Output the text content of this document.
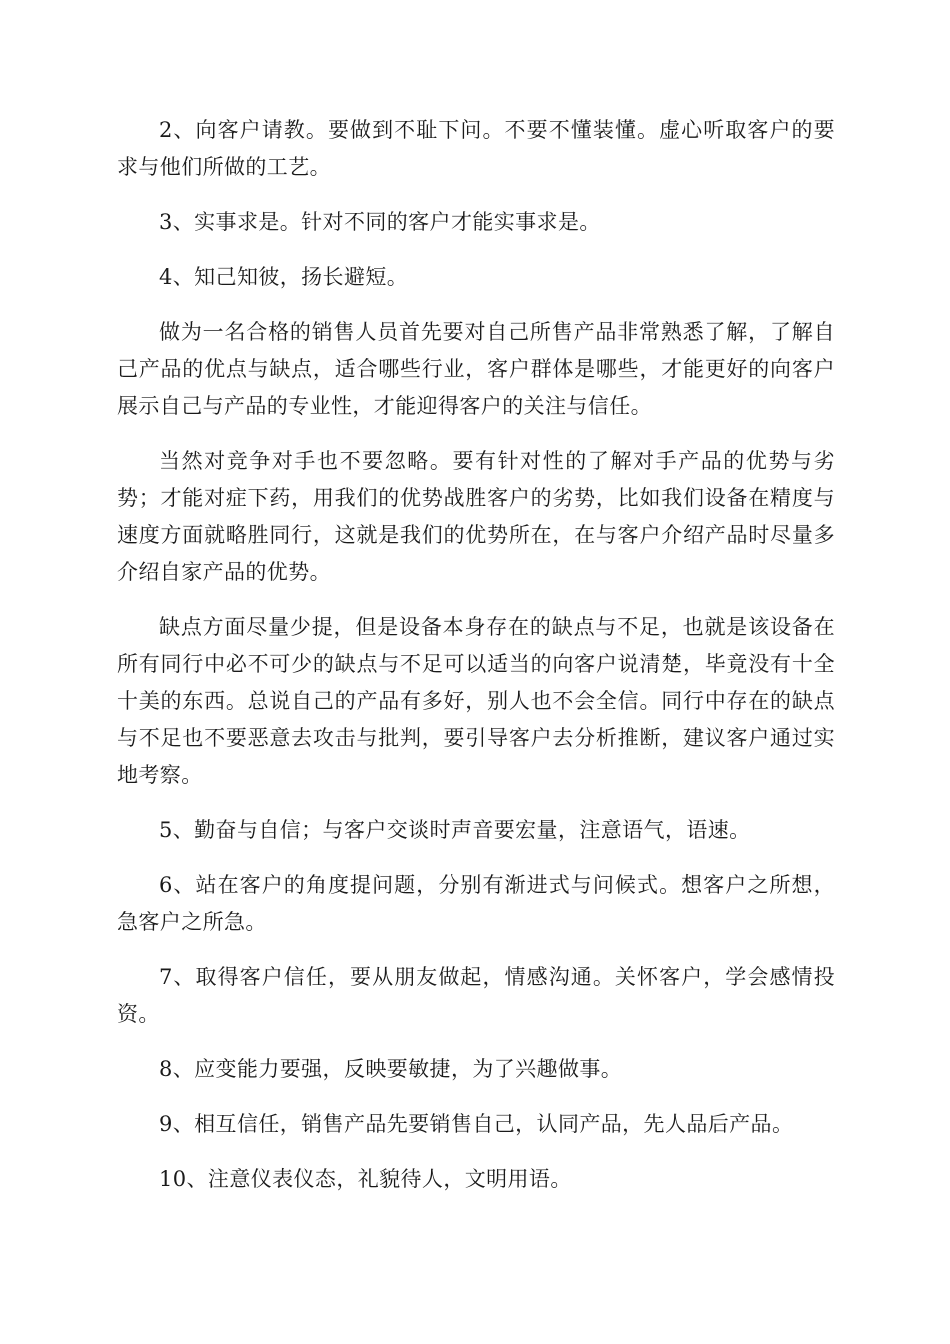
2、向客户请教。要做到不耻下问。不要不懂装懂。虚心听取客户的要求与他们所做的工艺。

3、实事求是。针对不同的客户才能实事求是。

4、知己知彼，扬长避短。

做为一名合格的销售人员首先要对自己所售产品非常熟悉了解，了解自己产品的优点与缺点，适合哪些行业，客户群体是哪些，才能更好的向客户展示自己与产品的专业性，才能迎得客户的关注与信任。

当然对竞争对手也不要忽略。要有针对性的了解对手产品的优势与劣势；才能对症下药，用我们的优势战胜客户的劣势，比如我们设备在精度与速度方面就略胜同行，这就是我们的优势所在，在与客户介绍产品时尽量多介绍自家产品的优势。

缺点方面尽量少提，但是设备本身存在的缺点与不足，也就是该设备在所有同行中必不可少的缺点与不足可以适当的向客户说清楚，毕竟没有十全十美的东西。总说自己的产品有多好，别人也不会全信。同行中存在的缺点与不足也不要恶意去攻击与批判，要引导客户去分析推断，建议客户通过实地考察。

5、勤奋与自信；与客户交谈时声音要宏量，注意语气，语速。

6、站在客户的角度提问题，分别有渐进式与问候式。想客户之所想，急客户之所急。

7、取得客户信任，要从朋友做起，情感沟通。关怀客户，学会感情投资。

8、应变能力要强，反映要敏捷，为了兴趣做事。

9、相互信任，销售产品先要销售自己，认同产品，先人品后产品。

10、注意仪表仪态，礼貌待人，文明用语。
